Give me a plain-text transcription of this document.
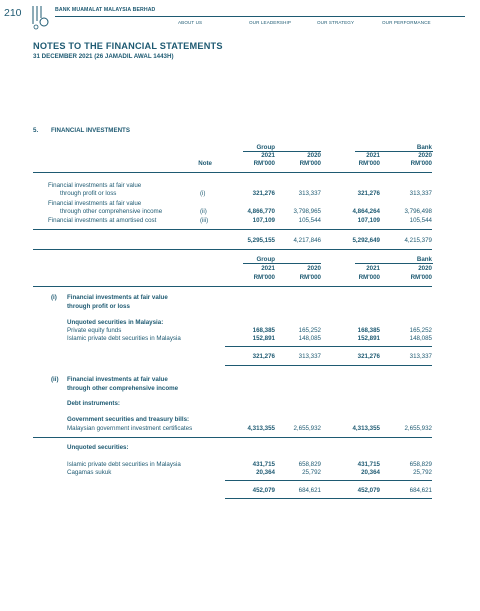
210	BANK MUAMALAT MALAYSIA BERHAD
ABOUT US	OUR LEADERSHIP	OUR STRATEGY	OUR PERFORMANCE
NOTES TO THE FINANCIAL STATEMENTS
31 DECEMBER 2021 (26 JAMADIL AWAL 1443H)
5. FINANCIAL INVESTMENTS
Group	Bank
2021	2020	2021	2020
Note	RM'000	RM'000	RM'000	RM'000
Financial investments at fair value
through profit or loss	(i)	321,276	313,337	321,276	313,337
Financial investments at fair value
through other comprehensive income	(ii)	4,866,770	3,798,965	4,864,264	3,796,498
Financial investments at amortised cost	(iii)	107,109	105,544	107,109	105,544
5,295,155	4,217,846	5,292,649	4,215,379
Group	Bank
2021	2020	2021	2020
RM'000	RM'000	RM'000	RM'000
(i) Financial investments at fair value
through profit or loss
Unquoted securities in Malaysia:
Private equity funds	168,385	165,252	168,385	165,252
Islamic private debt securities in Malaysia	152,891	148,085	152,891	148,085
321,276	313,337	321,276	313,337
(ii) Financial investments at fair value
through other comprehensive income
Debt instruments:
Government securities and treasury bills:
Malaysian government investment certificates	4,313,355	2,655,932	4,313,355	2,655,932
Unquoted securities:
Islamic private debt securities in Malaysia	431,715	658,829	431,715	658,829
Cagamas sukuk	20,364	25,792	20,364	25,792
452,079	684,621	452,079	684,621
